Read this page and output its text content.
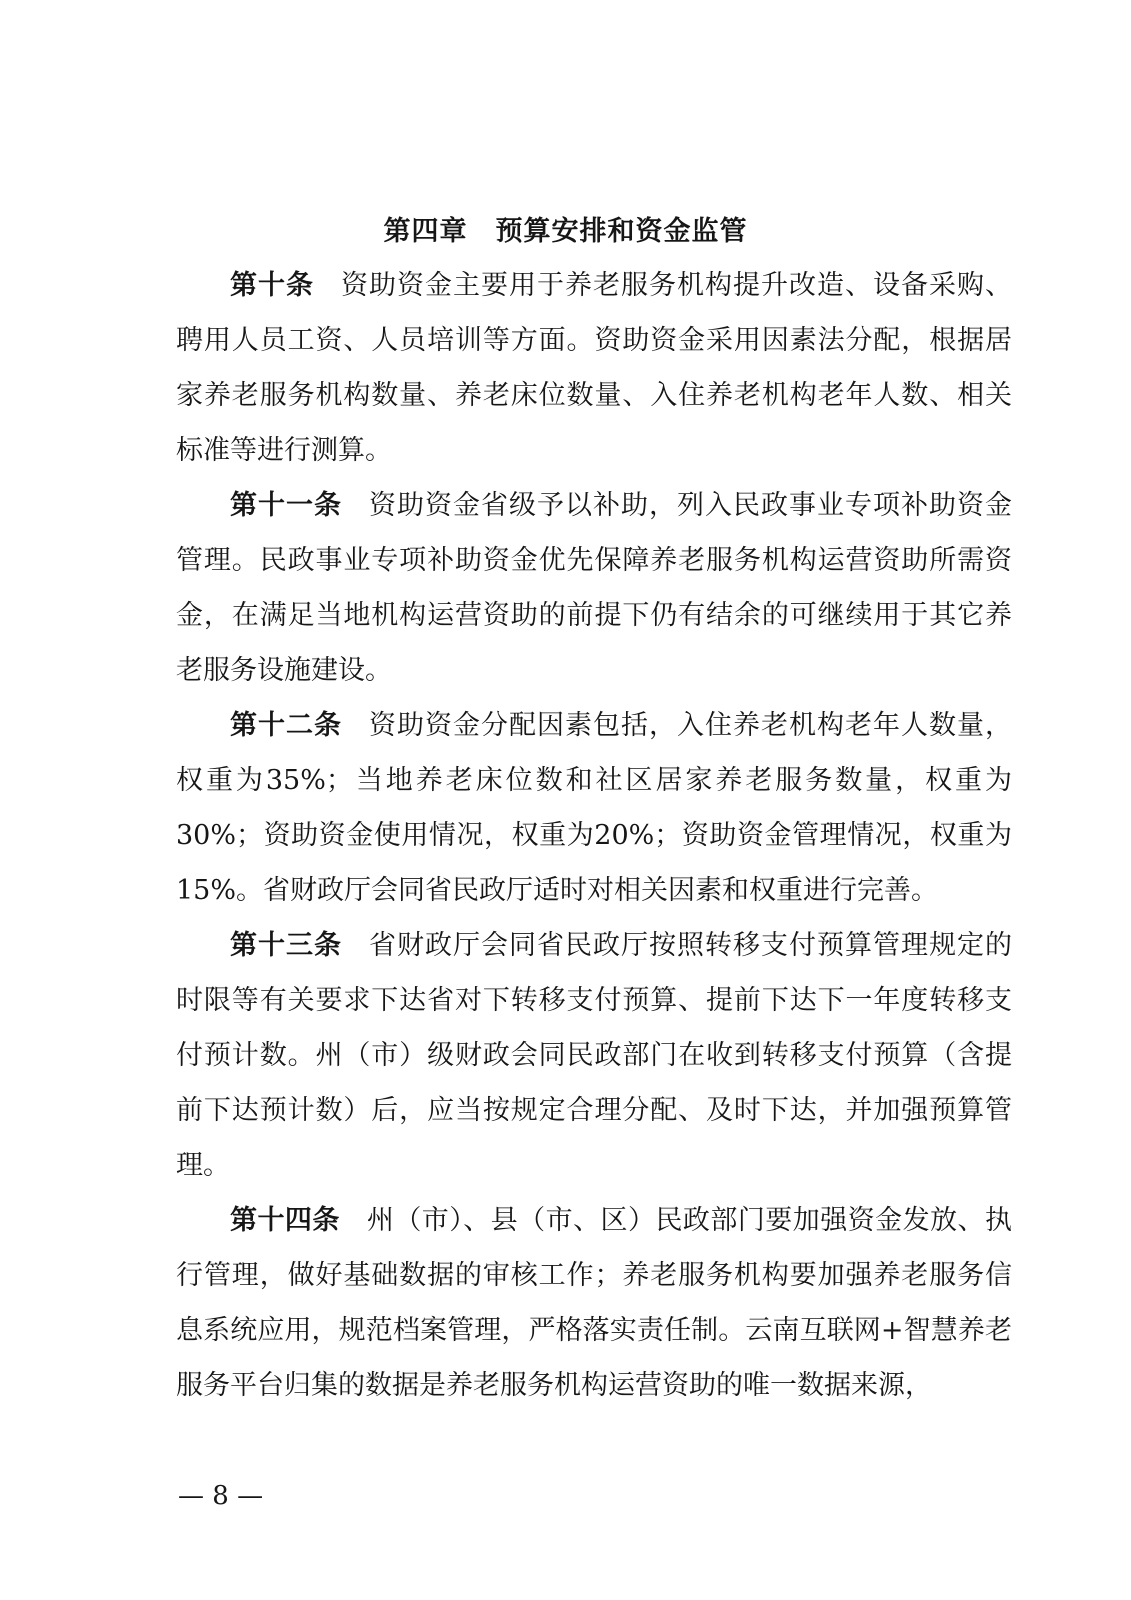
第四章　预算安排和资金监管

第十条 资助资金主要用于养老服务机构提升改造、设备采购、聘用人员工资、人员培训等方面。资助资金采用因素法分配，根据居家养老服务机构数量、养老床位数量、入住养老机构老年人数、相关标准等进行测算。

第十一条 资助资金省级予以补助，列入民政事业专项补助资金管理。民政事业专项补助资金优先保障养老服务机构运营资助所需资金，在满足当地机构运营资助的前提下仍有结余的可继续用于其它养老服务设施建设。

第十二条 资助资金分配因素包括，入住养老机构老年人数量，权重为35%；当地养老床位数和社区居家养老服务数量，权重为30%；资助资金使用情况，权重为20%；资助资金管理情况，权重为15%。省财政厅会同省民政厅适时对相关因素和权重进行完善。

第十三条 省财政厅会同省民政厅按照转移支付预算管理规定的时限等有关要求下达省对下转移支付预算、提前下达下一年度转移支付预计数。州（市）级财政会同民政部门在收到转移支付预算（含提前下达预计数）后，应当按规定合理分配、及时下达，并加强预算管理。

第十四条 州（市）、县（市、区）民政部门要加强资金发放、执行管理，做好基础数据的审核工作；养老服务机构要加强养老服务信息系统应用，规范档案管理，严格落实责任制。云南互联网+智慧养老服务平台归集的数据是养老服务机构运营资助的唯一数据来源，

— 8 —
